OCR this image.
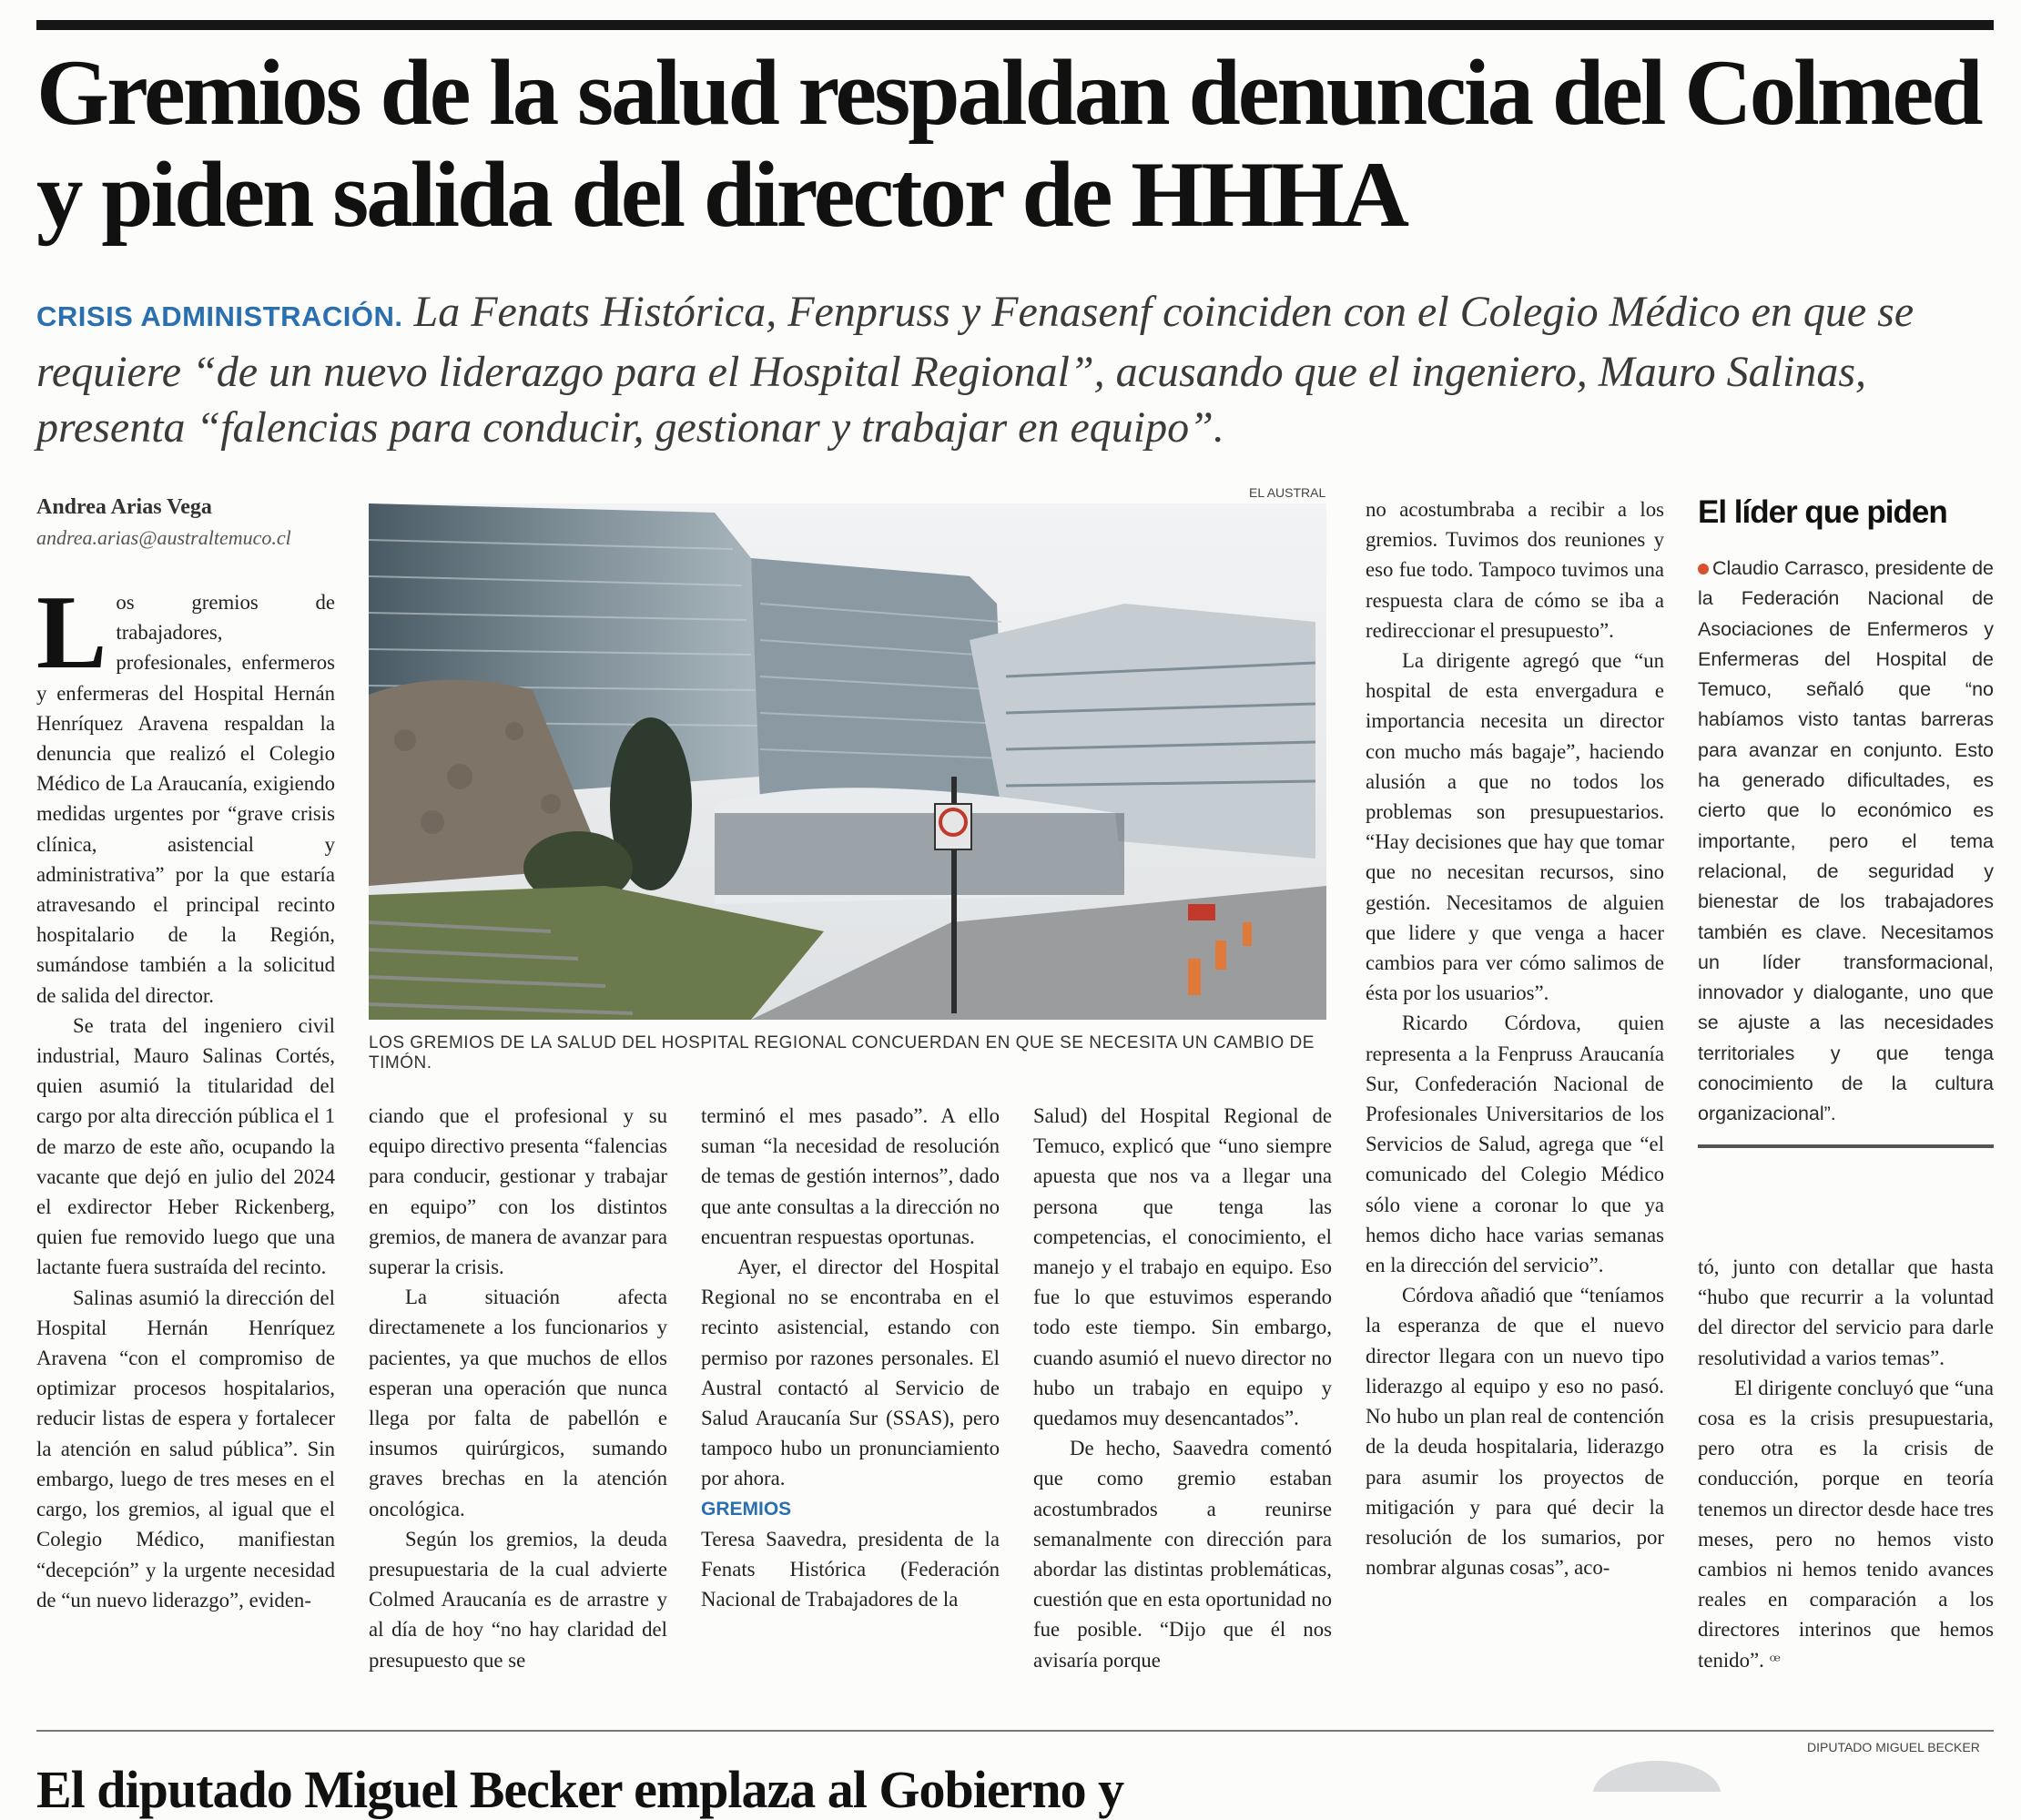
Gremios de la salud respaldan denuncia del Colmed y piden salida del director de HHHA

CRISIS ADMINISTRACIÓN. La Fenats Histórica, Fenpruss y Fenasenf coinciden con el Colegio Médico en que se requiere “de un nuevo liderazgo para el Hospital Regional”, acusando que el ingeniero, Mauro Salinas, presenta “falencias para conducir, gestionar y trabajar en equipo”.

Andrea Arias Vega
andrea.arias@australtemuco.cl
EL AUSTRAL
LOS GREMIOS DE LA SALUD DEL HOSPITAL REGIONAL CONCUERDAN EN QUE SE NECESITA UN CAMBIO DE TIMÓN.

Los gremios de trabajadores, profesionales, enfermeros y enfermeras del Hospital Hernán Henríquez Aravena respaldan la denuncia que realizó el Colegio Médico de La Araucanía, exigiendo medidas urgentes por “grave crisis clínica, asistencial y administrativa” por la que estaría atravesando el principal recinto hospitalario de la Región, sumándose también a la solicitud de salida del director.

Se trata del ingeniero civil industrial, Mauro Salinas Cortés, quien asumió la titularidad del cargo por alta dirección pública el 1 de marzo de este año, ocupando la vacante que dejó en julio del 2024 el exdirector Heber Rickenberg, quien fue removido luego que una lactante fuera sustraída del recinto.

Salinas asumió la dirección del Hospital Hernán Henríquez Aravena “con el compromiso de optimizar procesos hospitalarios, reducir listas de espera y fortalecer la atención en salud pública”. Sin embargo, luego de tres meses en el cargo, los gremios, al igual que el Colegio Médico, manifiestan “decepción” y la urgente necesidad de “un nuevo liderazgo”, eviden-

ciando que el profesional y su equipo directivo presenta “falencias para conducir, gestionar y trabajar en equipo” con los distintos gremios, de manera de avanzar para superar la crisis.

La situación afecta directamenete a los funcionarios y pacientes, ya que muchos de ellos esperan una operación que nunca llega por falta de pabellón e insumos quirúrgicos, sumando graves brechas en la atención oncológica.

Según los gremios, la deuda presupuestaria de la cual advierte Colmed Araucanía es de arrastre y al día de hoy “no hay claridad del presupuesto que se

terminó el mes pasado”. A ello suman “la necesidad de resolución de temas de gestión internos”, dado que ante consultas a la dirección no encuentran respuestas oportunas.

Ayer, el director del Hospital Regional no se encontraba en el recinto asistencial, estando con permiso por razones personales. El Austral contactó al Servicio de Salud Araucanía Sur (SSAS), pero tampoco hubo un pronunciamiento por ahora.

GREMIOS

Teresa Saavedra, presidenta de la Fenats Histórica (Federación Nacional de Trabajadores de la

Salud) del Hospital Regional de Temuco, explicó que “uno siempre apuesta que nos va a llegar una persona que tenga las competencias, el conocimiento, el manejo y el trabajo en equipo. Eso fue lo que estuvimos esperando todo este tiempo. Sin embargo, cuando asumió el nuevo director no hubo un trabajo en equipo y quedamos muy desencantados”.

De hecho, Saavedra comentó que como gremio estaban acostumbrados a reunirse semanalmente con dirección para abordar las distintas problemáticas, cuestión que en esta oportunidad no fue posible. “Dijo que él nos avisaría porque

no acostumbraba a recibir a los gremios. Tuvimos dos reuniones y eso fue todo. Tampoco tuvimos una respuesta clara de cómo se iba a redireccionar el presupuesto”.

La dirigente agregó que “un hospital de esta envergadura e importancia necesita un director con mucho más bagaje”, haciendo alusión a que no todos los problemas son presupuestarios. “Hay decisiones que hay que tomar que no necesitan recursos, sino gestión. Necesitamos de alguien que lidere y que venga a hacer cambios para ver cómo salimos de ésta por los usuarios”.

Ricardo Córdova, quien representa a la Fenpruss Araucanía Sur, Confederación Nacional de Profesionales Universitarios de los Servicios de Salud, agrega que “el comunicado del Colegio Médico sólo viene a coronar lo que ya hemos dicho hace varias semanas en la dirección del servicio”.

Córdova añadió que “teníamos la esperanza de que el nuevo director llegara con un nuevo tipo liderazgo al equipo y eso no pasó. No hubo un plan real de contención de la deuda hospitalaria, liderazgo para asumir los proyectos de mitigación y para qué decir la resolución de los sumarios, por nombrar algunas cosas”, aco-

El líder que piden
Claudio Carrasco, presidente de la Federación Nacional de Asociaciones de Enfermeros y Enfermeras del Hospital de Temuco, señaló que “no habíamos visto tantas barreras para avanzar en conjunto. Esto ha generado dificultades, es cierto que lo económico es importante, pero el tema relacional, de seguridad y bienestar de los trabajadores también es clave. Necesitamos un líder transformacional, innovador y dialogante, uno que se ajuste a las necesidades territoriales y que tenga conocimiento de la cultura organizacional”.

tó, junto con detallar que hasta “hubo que recurrir a la voluntad del director del servicio para darle resolutividad a varios temas”.

El dirigente concluyó que “una cosa es la crisis presupuestaria, pero otra es la crisis de conducción, porque en teoría tenemos un director desde hace tres meses, pero no hemos visto cambios ni hemos tenido avances reales en comparación a los directores interinos que hemos tenido”. ꟹ

DIPUTADO MIGUEL BECKER
El diputado Miguel Becker emplaza al Gobierno y
